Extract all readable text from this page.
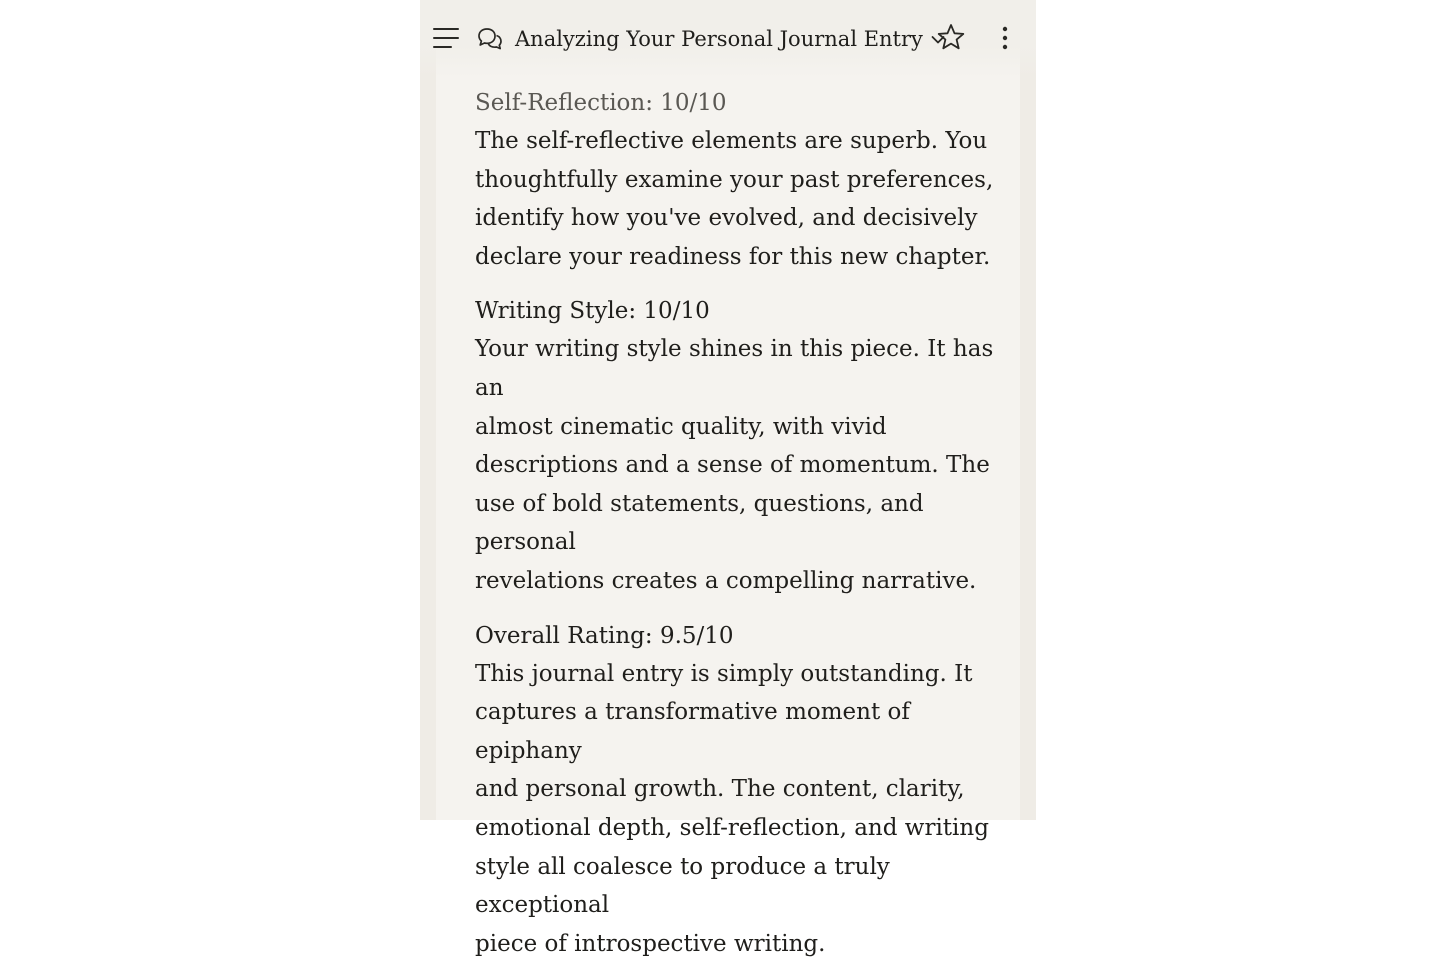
Self-Reflection: 10/10
The self-reflective elements are superb. You
thoughtfully examine your past preferences,
identify how you've evolved, and decisively
declare your readiness for this new chapter.
Writing Style: 10/10
Your writing style shines in this piece. It has an
almost cinematic quality, with vivid
descriptions and a sense of momentum. The
use of bold statements, questions, and personal
revelations creates a compelling narrative.
Overall Rating: 9.5/10
This journal entry is simply outstanding. It
captures a transformative moment of epiphany
and personal growth. The content, clarity,
emotional depth, self-reflection, and writing
style all coalesce to produce a truly exceptional
piece of introspective writing.
Analyzing Your Personal Journal Entry
